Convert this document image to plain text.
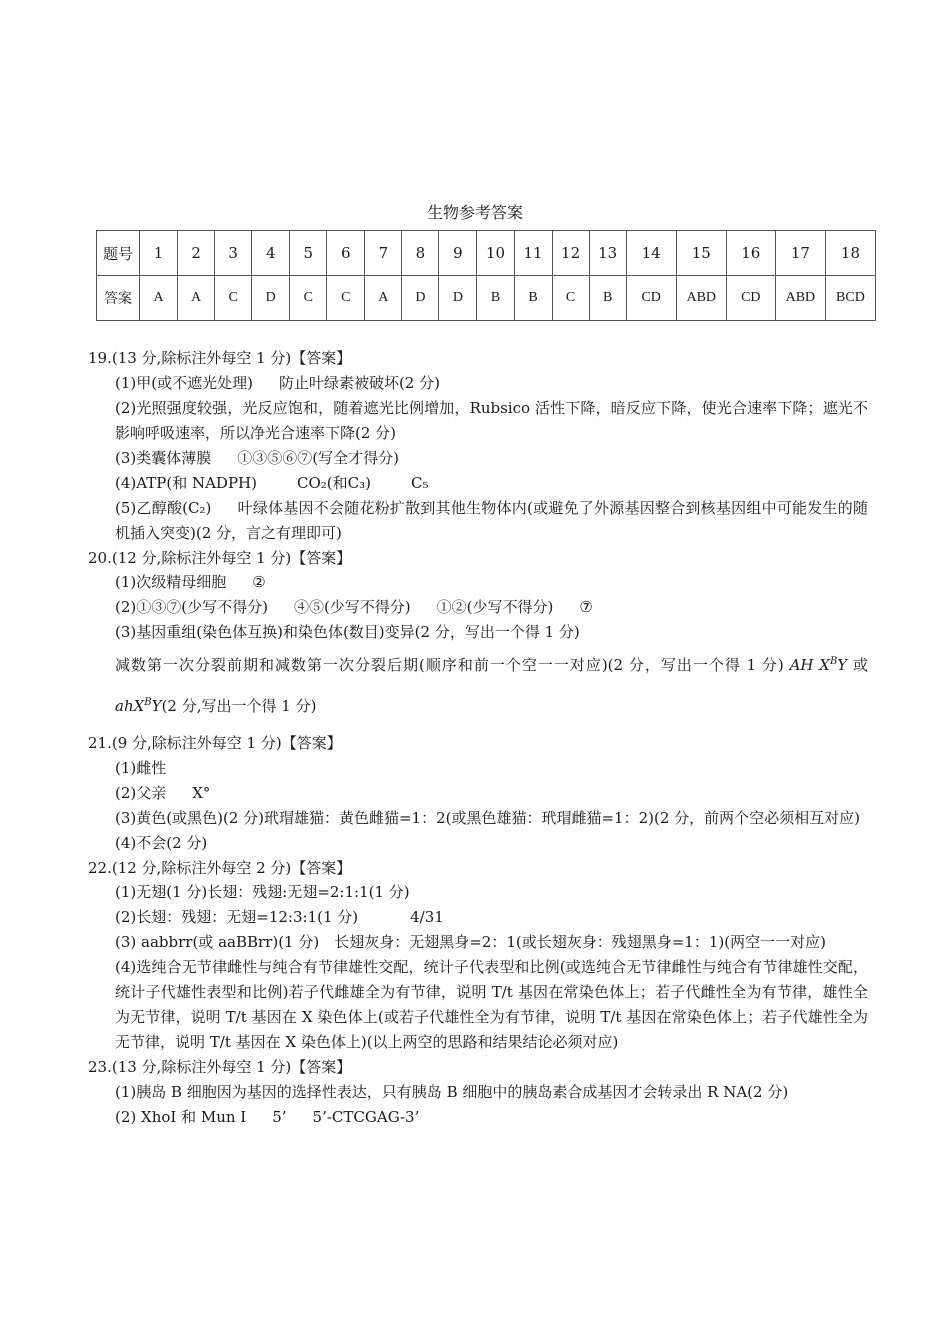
生物参考答案
题号	1	2	3	4	5	6	7	8	9	10	11	12	13	14	15	16	17	18
答案	A	A	C	D	C	C	A	D	D	B	B	C	B	CD	ABD	CD	ABD	BCD

19.(13 分,除标注外每空 1 分)【答案】

(1)甲(或不遮光处理) 防止叶绿素被破坏(2 分)

(2)光照强度较强，光反应饱和，随着遮光比例增加，Rubsico 活性下降，暗反应下降，使光合速率下降；遮光不影响呼吸速率，所以净光合速率下降(2 分)

(3)类囊体薄膜 ①③⑤⑥⑦(写全才得分)

(4)ATP(和 NADPH)	CO₂(和C₃)	C₅

(5)乙醇酸(C₂) 叶绿体基因不会随花粉扩散到其他生物体内(或避免了外源基因整合到核基因组中可能发生的随机插入突变)(2 分，言之有理即可)

20.(12 分,除标注外每空 1 分)【答案】

(1)次级精母细胞 ②

(2)①③⑦(少写不得分) ④⑤(少写不得分) ①②(少写不得分) ⑦

(3)基因重组(染色体互换)和染色体(数目)变异(2 分，写出一个得 1 分)

减数第一次分裂前期和减数第一次分裂后期(顺序和前一个空一一对应)(2 分，写出一个得 1 分) AH $X^BY$ 或 ahX$^B$Y(2 分,写出一个得 1 分)

21.(9 分,除标注外每空 1 分)【答案】

(1)雌性

(2)父亲 X°

(3)黄色(或黑色)(2 分)玳瑁雄猫：黄色雌猫=1：2(或黑色雄猫：玳瑁雌猫=1：2)(2 分，前两个空必须相互对应)

(4)不会(2 分)

22.(12 分,除标注外每空 2 分)【答案】

(1)无翅(1 分)长翅：残翅:无翅=2:1:1(1 分)

(2)长翅：残翅：无翅=12:3:1(1 分)	4/31

(3) aabbrr(或 aaBBrr)(1 分)　长翅灰身：无翅黑身=2：1(或长翅灰身：残翅黑身=1：1)(两空一一对应)

(4)选纯合无节律雌性与纯合有节律雄性交配，统计子代表型和比例(或选纯合无节律雌性与纯合有节律雄性交配，统计子代雄性表型和比例)若子代雌雄全为有节律，说明 T/t 基因在常染色体上；若子代雌性全为有节律，雄性全为无节律，说明 T/t 基因在 X 染色体上(或若子代雄性全为有节律，说明 T/t 基因在常染色体上；若子代雄性全为无节律，说明 T/t 基因在 X 染色体上)(以上两空的思路和结果结论必须对应)

23.(13 分,除标注外每空 1 分)【答案】

(1)胰岛 B 细胞因为基因的选择性表达，只有胰岛 B 细胞中的胰岛素合成基因才会转录出 R NA(2 分)

(2) XhoⅠ 和 Mun Ⅰ 5’ 5’-CTCGAG-3’
